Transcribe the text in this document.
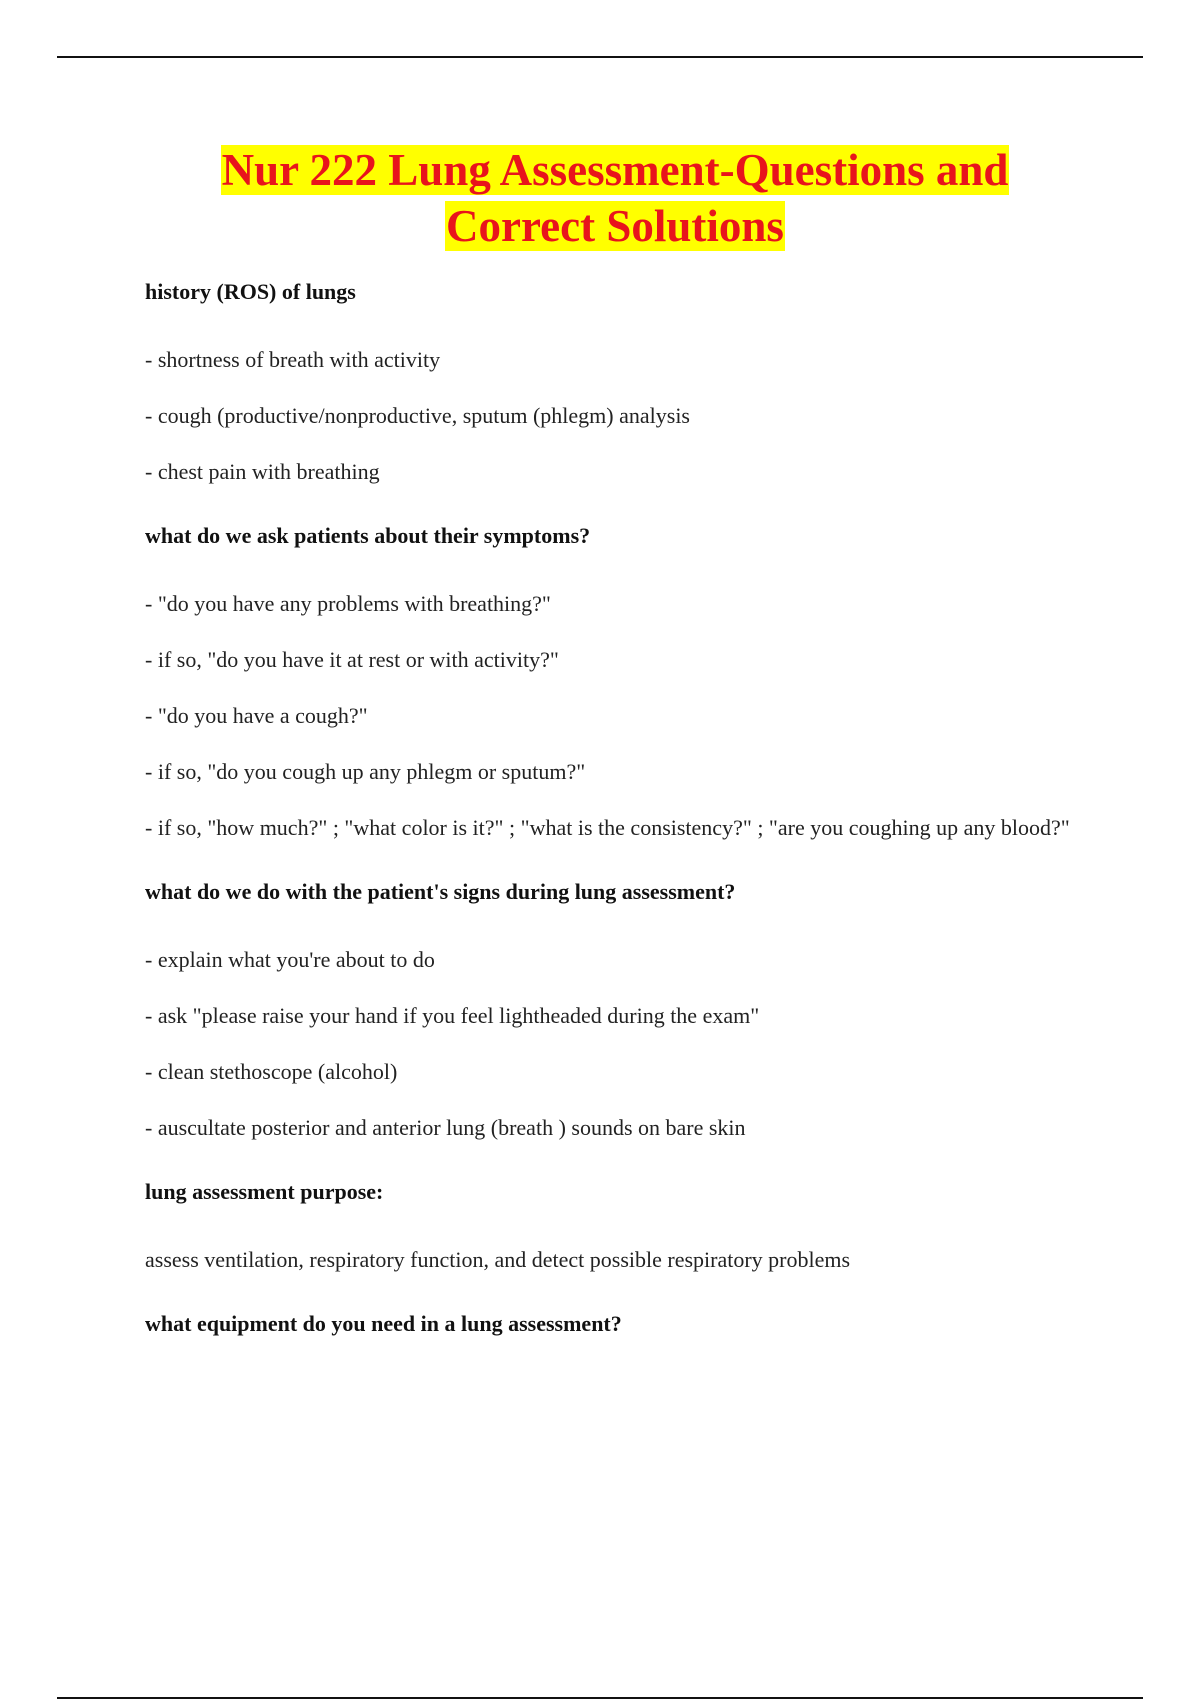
Nur 222 Lung Assessment-Questions and Correct Solutions

history (ROS) of lungs

- shortness of breath with activity
- cough (productive/nonproductive, sputum (phlegm) analysis
- chest pain with breathing

what do we ask patients about their symptoms?

- "do you have any problems with breathing?"
- if so, "do you have it at rest or with activity?"
- "do you have a cough?"
- if so, "do you cough up any phlegm or sputum?"
- if so, "how much?" ; "what color is it?" ; "what is the consistency?" ; "are you coughing up any blood?"

what do we do with the patient's signs during lung assessment?

- explain what you're about to do
- ask "please raise your hand if you feel lightheaded during the exam"
- clean stethoscope (alcohol)
- auscultate posterior and anterior lung (breath ) sounds on bare skin

lung assessment purpose:

assess ventilation, respiratory function, and detect possible respiratory problems

what equipment do you need in a lung assessment?
